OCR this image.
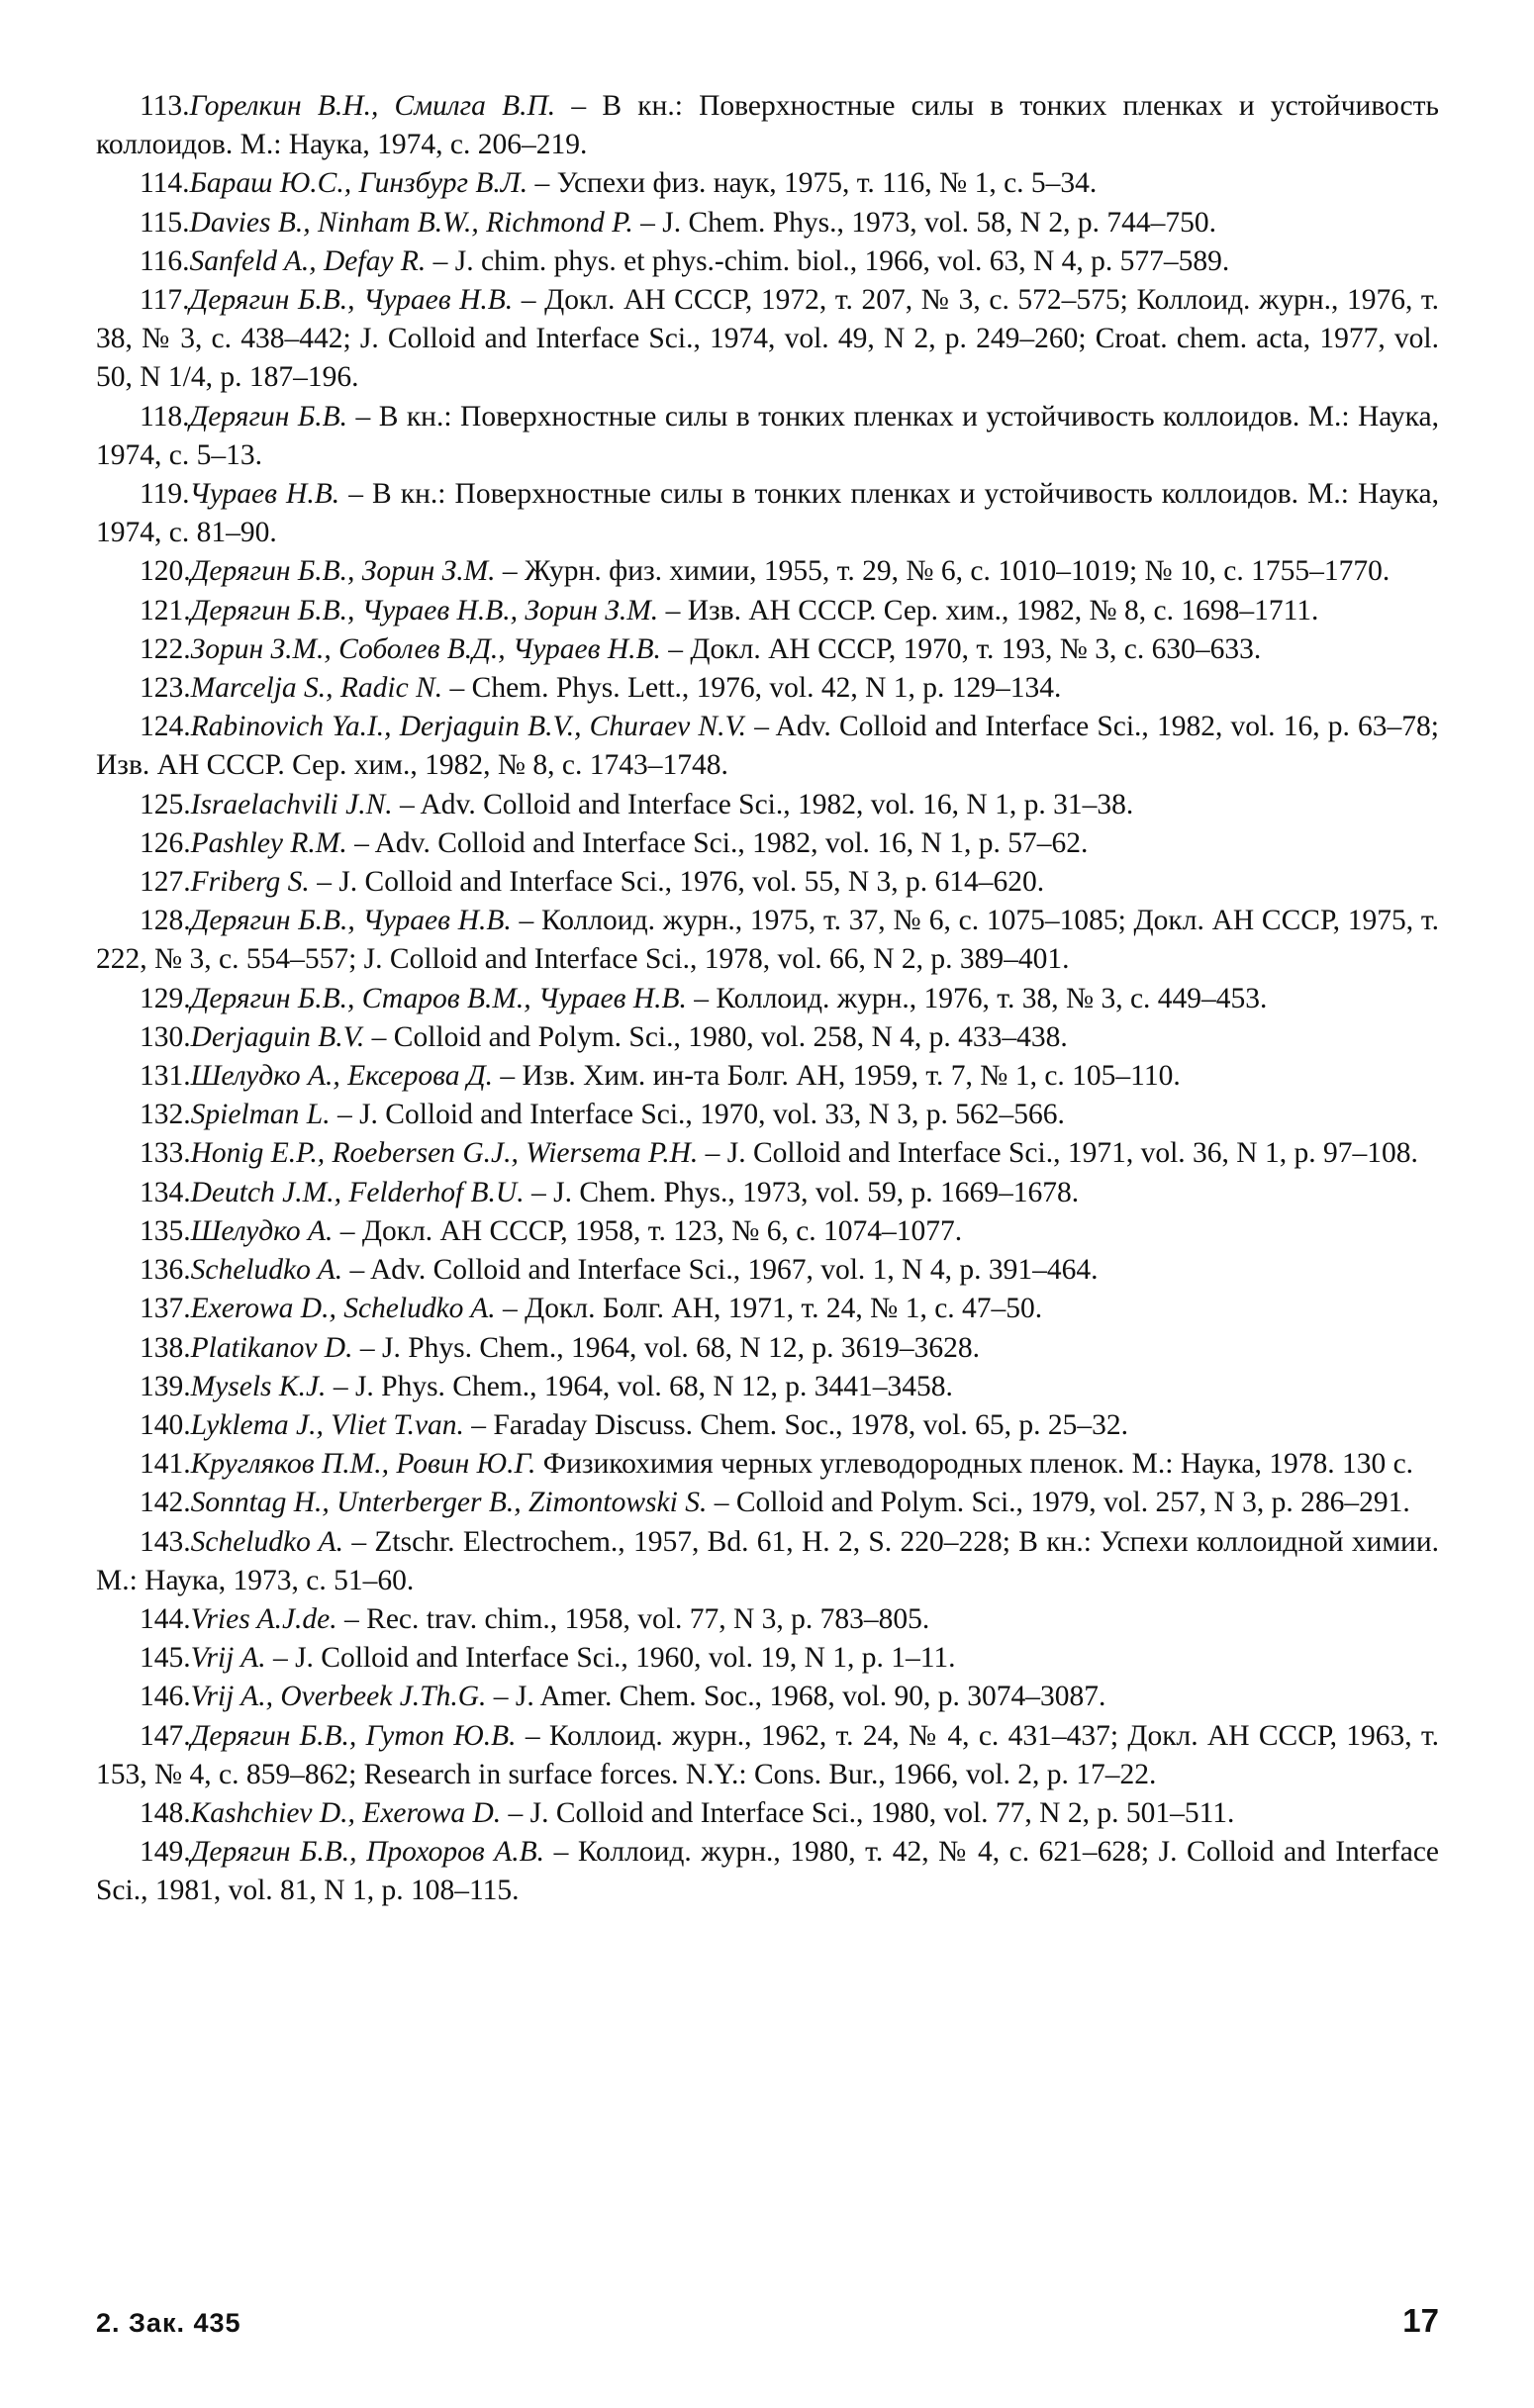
113.Горелкин В.Н., Смилга В.П. – В кн.: Поверхностные силы в тонких пленках и устойчивость коллоидов. М.: Наука, 1974, с. 206–219.
114.Бараш Ю.С., Гинзбург В.Л. – Успехи физ. наук, 1975, т. 116, № 1, с. 5–34.
115.Davies B., Ninham B.W., Richmond P. – J. Chem. Phys., 1973, vol. 58, N 2, p. 744–750.
116.Sanfeld A., Defay R. – J. chim. phys. et phys.-chim. biol., 1966, vol. 63, N 4, p. 577–589.
117.Дерягин Б.В., Чураев Н.В. – Докл. АН СССР, 1972, т. 207, № 3, с. 572–575; Коллоид. журн., 1976, т. 38, № 3, с. 438–442; J. Colloid and Interface Sci., 1974, vol. 49, N 2, p. 249–260; Croat. chem. acta, 1977, vol. 50, N 1/4, p. 187–196.
118.Дерягин Б.В. – В кн.: Поверхностные силы в тонких пленках и устойчивость коллоидов. М.: Наука, 1974, с. 5–13.
119.Чураев Н.В. – В кн.: Поверхностные силы в тонких пленках и устойчивость коллоидов. М.: Наука, 1974, с. 81–90.
120.Дерягин Б.В., Зорин З.М. – Журн. физ. химии, 1955, т. 29, № 6, с. 1010–1019; № 10, с. 1755–1770.
121.Дерягин Б.В., Чураев Н.В., Зорин З.М. – Изв. АН СССР. Сер. хим., 1982, № 8, с. 1698–1711.
122.Зорин З.М., Соболев В.Д., Чураев Н.В. – Докл. АН СССР, 1970, т. 193, № 3, с. 630–633.
123.Marcelja S., Radic N. – Chem. Phys. Lett., 1976, vol. 42, N 1, p. 129–134.
124.Rabinovich Ya.I., Derjaguin B.V., Churaev N.V. – Adv. Colloid and Interface Sci., 1982, vol. 16, p. 63–78; Изв. АН СССР. Сер. хим., 1982, № 8, с. 1743–1748.
125.Israelachvili J.N. – Adv. Colloid and Interface Sci., 1982, vol. 16, N 1, p. 31–38.
126.Pashley R.M. – Adv. Colloid and Interface Sci., 1982, vol. 16, N 1, p. 57–62.
127.Friberg S. – J. Colloid and Interface Sci., 1976, vol. 55, N 3, p. 614–620.
128.Дерягин Б.В., Чураев Н.В. – Коллоид. журн., 1975, т. 37, № 6, с. 1075–1085; Докл. АН СССР, 1975, т. 222, № 3, с. 554–557; J. Colloid and Interface Sci., 1978, vol. 66, N 2, p. 389–401.
129.Дерягин Б.В., Старов В.М., Чураев Н.В. – Коллоид. журн., 1976, т. 38, № 3, с. 449–453.
130.Derjaguin B.V. – Colloid and Polym. Sci., 1980, vol. 258, N 4, p. 433–438.
131.Шелудко А., Ексерова Д. – Изв. Хим. ин-та Болг. АН, 1959, т. 7, № 1, с. 105–110.
132.Spielman L. – J. Colloid and Interface Sci., 1970, vol. 33, N 3, p. 562–566.
133.Honig E.P., Roebersen G.J., Wiersema P.H. – J. Colloid and Interface Sci., 1971, vol. 36, N 1, p. 97–108.
134.Deutch J.M., Felderhof B.U. – J. Chem. Phys., 1973, vol. 59, p. 1669–1678.
135.Шелудко А. – Докл. АН СССР, 1958, т. 123, № 6, с. 1074–1077.
136.Scheludko A. – Adv. Colloid and Interface Sci., 1967, vol. 1, N 4, p. 391–464.
137.Exerowa D., Scheludko A. – Докл. Болг. АН, 1971, т. 24, № 1, с. 47–50.
138.Platikanov D. – J. Phys. Chem., 1964, vol. 68, N 12, p. 3619–3628.
139.Mysels K.J. – J. Phys. Chem., 1964, vol. 68, N 12, p. 3441–3458.
140.Lyklema J., Vliet T.van. – Faraday Discuss. Chem. Soc., 1978, vol. 65, p. 25–32.
141.Кругляков П.М., Ровин Ю.Г. Физикохимия черных углеводородных пленок. М.: Наука, 1978. 130 с.
142.Sonntag H., Unterberger B., Zimontowski S. – Colloid and Polym. Sci., 1979, vol. 257, N 3, p. 286–291.
143.Scheludko A. – Ztschr. Electrochem., 1957, Bd. 61, H. 2, S. 220–228; В кн.: Успехи коллоидной химии. М.: Наука, 1973, с. 51–60.
144.Vries A.J.de. – Rec. trav. chim., 1958, vol. 77, N 3, p. 783–805.
145.Vrij A. – J. Colloid and Interface Sci., 1960, vol. 19, N 1, p. 1–11.
146.Vrij A., Overbeek J.Th.G. – J. Amer. Chem. Soc., 1968, vol. 90, p. 3074–3087.
147.Дерягин Б.В., Гутоп Ю.В. – Коллоид. журн., 1962, т. 24, № 4, с. 431–437; Докл. АН СССР, 1963, т. 153, № 4, с. 859–862; Research in surface forces. N.Y.: Cons. Bur., 1966, vol. 2, p. 17–22.
148.Kashchiev D., Exerowa D. – J. Colloid and Interface Sci., 1980, vol. 77, N 2, p. 501–511.
149.Дерягин Б.В., Прохоров А.В. – Коллоид. журн., 1980, т. 42, № 4, с. 621–628; J. Colloid and Interface Sci., 1981, vol. 81, N 1, p. 108–115.
2. Зак. 435	17
